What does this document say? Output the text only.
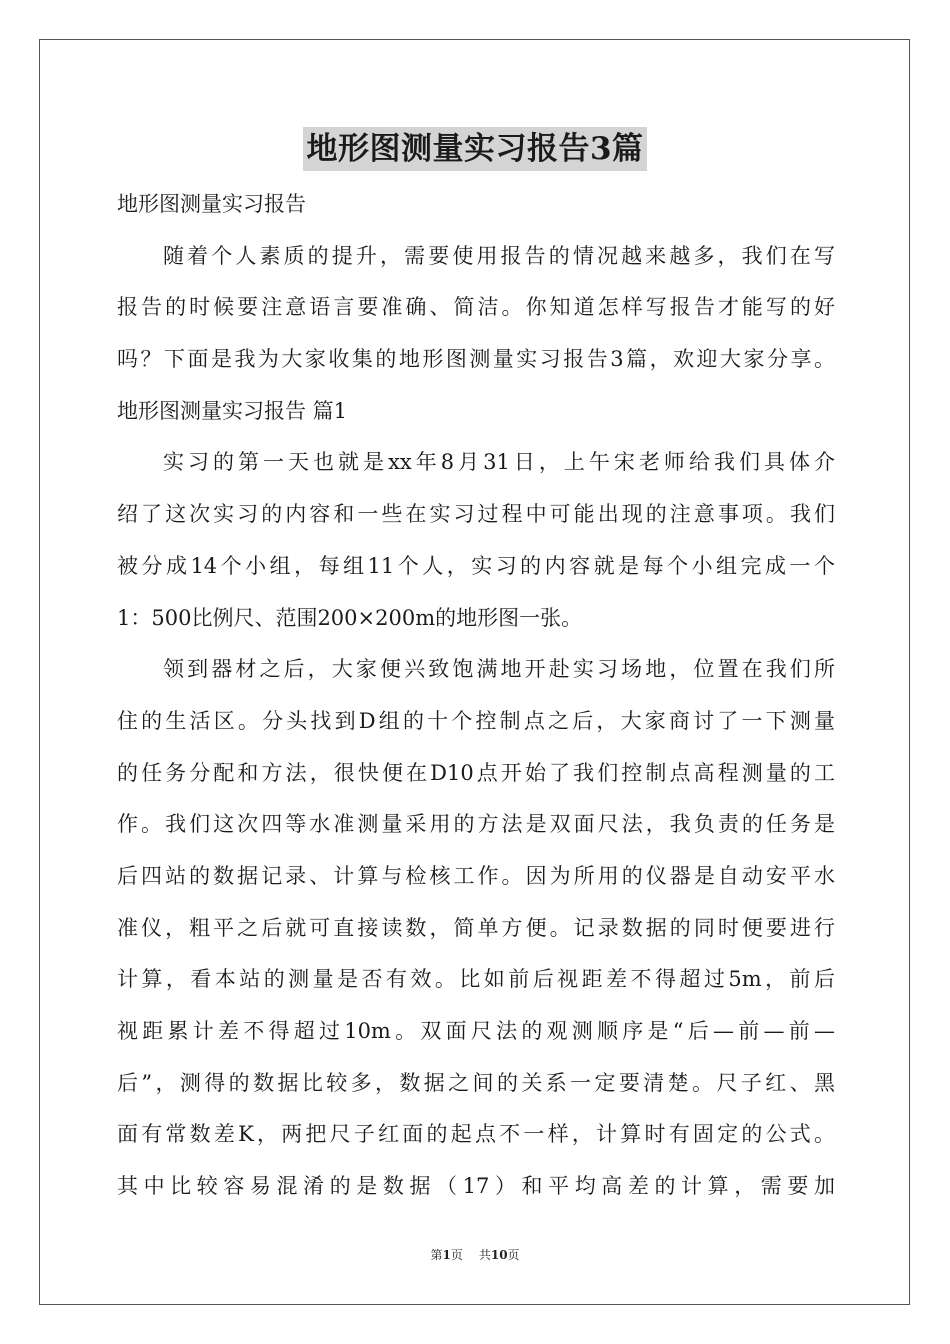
地形图测量实习报告3篇
地形图测量实习报告
随着个人素质的提升，需要使用报告的情况越来越多，我们在写
报告的时候要注意语言要准确、简洁。你知道怎样写报告才能写的好
吗？下面是我为大家收集的地形图测量实习报告3篇，欢迎大家分享。
地形图测量实习报告 篇1
实习的第一天也就是xx年8月31日，上午宋老师给我们具体介
绍了这次实习的内容和一些在实习过程中可能出现的注意事项。我们
被分成14个小组，每组11个人，实习的内容就是每个小组完成一个
1：500比例尺、范围200×200m的地形图一张。
领到器材之后，大家便兴致饱满地开赴实习场地，位置在我们所
住的生活区。分头找到D组的十个控制点之后，大家商讨了一下测量
的任务分配和方法，很快便在D10点开始了我们控制点高程测量的工
作。我们这次四等水准测量采用的方法是双面尺法，我负责的任务是
后四站的数据记录、计算与检核工作。因为所用的仪器是自动安平水
准仪，粗平之后就可直接读数，简单方便。记录数据的同时便要进行
计算，看本站的测量是否有效。比如前后视距差不得超过5m，前后
视距累计差不得超过10m。双面尺法的观测顺序是“后—前—前—
后”，测得的数据比较多，数据之间的关系一定要清楚。尺子红、黑
面有常数差K，两把尺子红面的起点不一样，计算时有固定的公式。
其中比较容易混淆的是数据（17）和平均高差的计算，需要加
第1页 共10页
